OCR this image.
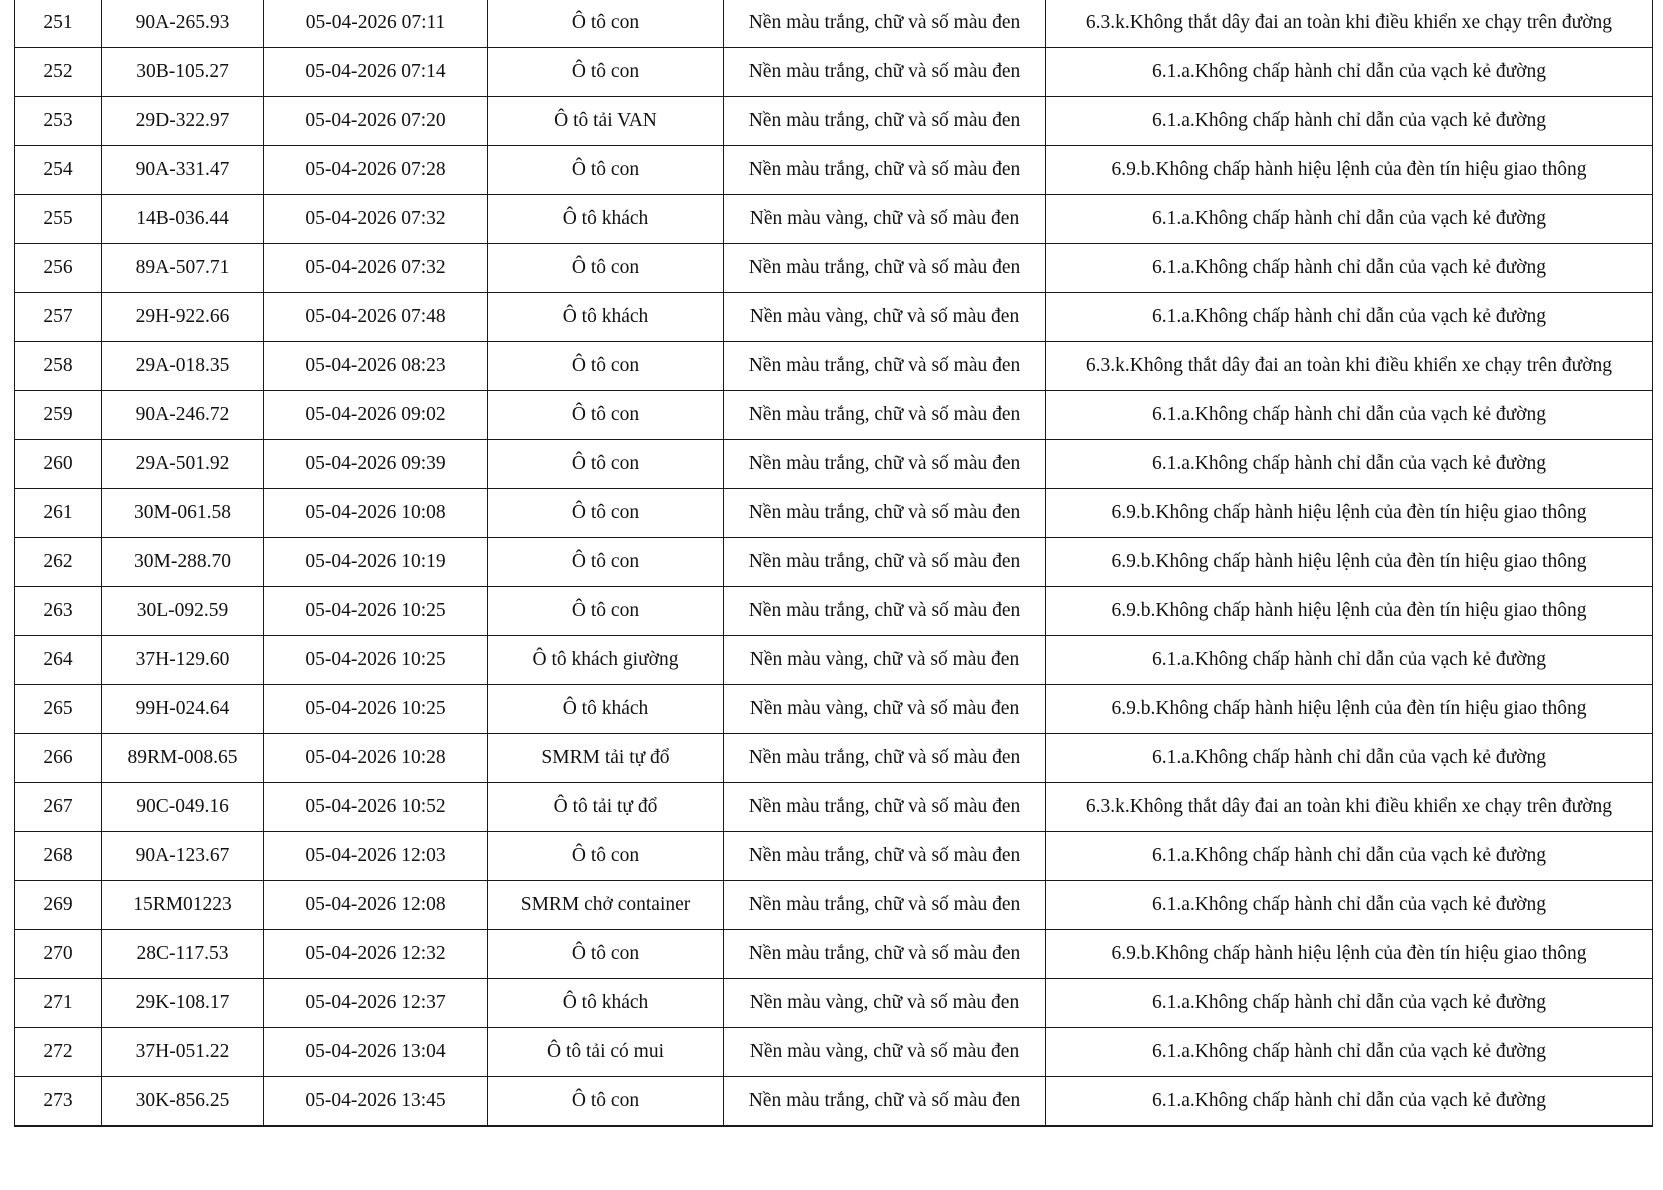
251	90A-265.93	05-04-2026 07:11	Ô tô con	Nền màu trắng, chữ và số màu đen	6.3.k.Không thắt dây đai an toàn khi điều khiển xe chạy trên đường
252	30B-105.27	05-04-2026 07:14	Ô tô con	Nền màu trắng, chữ và số màu đen	6.1.a.Không chấp hành chỉ dẫn của vạch kẻ đường
253	29D-322.97	05-04-2026 07:20	Ô tô tải VAN	Nền màu trắng, chữ và số màu đen	6.1.a.Không chấp hành chỉ dẫn của vạch kẻ đường
254	90A-331.47	05-04-2026 07:28	Ô tô con	Nền màu trắng, chữ và số màu đen	6.9.b.Không chấp hành hiệu lệnh của đèn tín hiệu giao thông
255	14B-036.44	05-04-2026 07:32	Ô tô khách	Nền màu vàng, chữ và số màu đen	6.1.a.Không chấp hành chỉ dẫn của vạch kẻ đường
256	89A-507.71	05-04-2026 07:32	Ô tô con	Nền màu trắng, chữ và số màu đen	6.1.a.Không chấp hành chỉ dẫn của vạch kẻ đường
257	29H-922.66	05-04-2026 07:48	Ô tô khách	Nền màu vàng, chữ và số màu đen	6.1.a.Không chấp hành chỉ dẫn của vạch kẻ đường
258	29A-018.35	05-04-2026 08:23	Ô tô con	Nền màu trắng, chữ và số màu đen	6.3.k.Không thắt dây đai an toàn khi điều khiển xe chạy trên đường
259	90A-246.72	05-04-2026 09:02	Ô tô con	Nền màu trắng, chữ và số màu đen	6.1.a.Không chấp hành chỉ dẫn của vạch kẻ đường
260	29A-501.92	05-04-2026 09:39	Ô tô con	Nền màu trắng, chữ và số màu đen	6.1.a.Không chấp hành chỉ dẫn của vạch kẻ đường
261	30M-061.58	05-04-2026 10:08	Ô tô con	Nền màu trắng, chữ và số màu đen	6.9.b.Không chấp hành hiệu lệnh của đèn tín hiệu giao thông
262	30M-288.70	05-04-2026 10:19	Ô tô con	Nền màu trắng, chữ và số màu đen	6.9.b.Không chấp hành hiệu lệnh của đèn tín hiệu giao thông
263	30L-092.59	05-04-2026 10:25	Ô tô con	Nền màu trắng, chữ và số màu đen	6.9.b.Không chấp hành hiệu lệnh của đèn tín hiệu giao thông
264	37H-129.60	05-04-2026 10:25	Ô tô khách giường	Nền màu vàng, chữ và số màu đen	6.1.a.Không chấp hành chỉ dẫn của vạch kẻ đường
265	99H-024.64	05-04-2026 10:25	Ô tô khách	Nền màu vàng, chữ và số màu đen	6.9.b.Không chấp hành hiệu lệnh của đèn tín hiệu giao thông
266	89RM-008.65	05-04-2026 10:28	SMRM tải tự đổ	Nền màu trắng, chữ và số màu đen	6.1.a.Không chấp hành chỉ dẫn của vạch kẻ đường
267	90C-049.16	05-04-2026 10:52	Ô tô tải tự đổ	Nền màu trắng, chữ và số màu đen	6.3.k.Không thắt dây đai an toàn khi điều khiển xe chạy trên đường
268	90A-123.67	05-04-2026 12:03	Ô tô con	Nền màu trắng, chữ và số màu đen	6.1.a.Không chấp hành chỉ dẫn của vạch kẻ đường
269	15RM01223	05-04-2026 12:08	SMRM chở container	Nền màu trắng, chữ và số màu đen	6.1.a.Không chấp hành chỉ dẫn của vạch kẻ đường
270	28C-117.53	05-04-2026 12:32	Ô tô con	Nền màu trắng, chữ và số màu đen	6.9.b.Không chấp hành hiệu lệnh của đèn tín hiệu giao thông
271	29K-108.17	05-04-2026 12:37	Ô tô khách	Nền màu vàng, chữ và số màu đen	6.1.a.Không chấp hành chỉ dẫn của vạch kẻ đường
272	37H-051.22	05-04-2026 13:04	Ô tô tải có mui	Nền màu vàng, chữ và số màu đen	6.1.a.Không chấp hành chỉ dẫn của vạch kẻ đường
273	30K-856.25	05-04-2026 13:45	Ô tô con	Nền màu trắng, chữ và số màu đen	6.1.a.Không chấp hành chỉ dẫn của vạch kẻ đường
